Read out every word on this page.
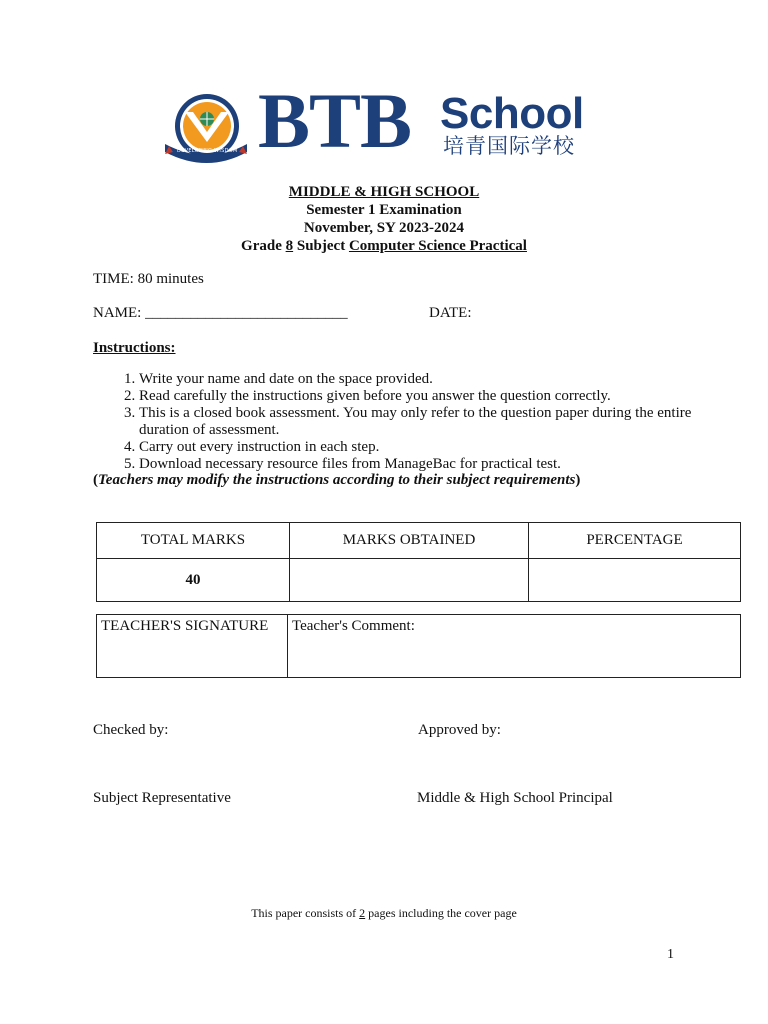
DEVELOPING WISDOM BTB School
培青国际学校
MIDDLE & HIGH SCHOOL
Semester 1 Examination
November, SY 2023-2024
Grade 8 Subject Computer Science Practical
TIME: 80 minutes
NAME: ___________________________	DATE:
Instructions:
1. Write your name and date on the space provided.
2. Read carefully the instructions given before you answer the question correctly.
3. This is a closed book assessment. You may only refer to the question paper during the entire duration of assessment.
4. Carry out every instruction in each step.
5. Download necessary resource files from ManageBac for practical test.
(Teachers may modify the instructions according to their subject requirements)
TOTAL MARKS	MARKS OBTAINED	PERCENTAGE
40		
TEACHER'S SIGNATURE	Teacher's Comment:
Checked by:	Approved by:
Subject Representative	Middle & High School Principal
This paper consists of 2 pages including the cover page
1
